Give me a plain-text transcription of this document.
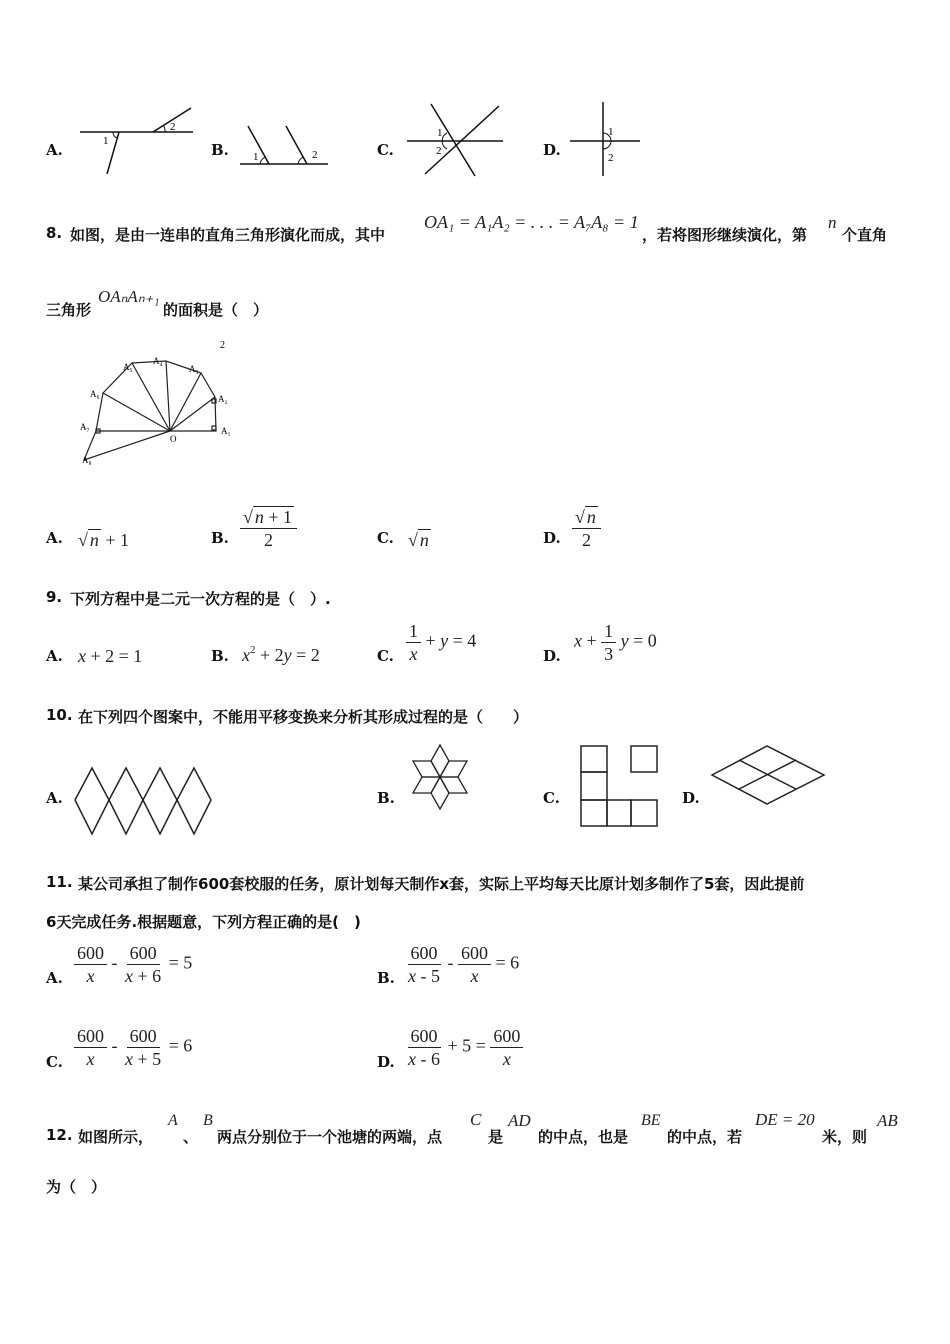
A.	1
2
B. 1	2	C.
1
2	D.
1
2
8. 如图，是由一连串的直角三角形演化而成，其中
OA₁ = A₁A₂ = . . . = A₇A₈ = 1
，若将图形继续演化，第
n
个直角
三角形
OAₙAₙ₊₁
的面积是（　）
A₁
A₂
A₃
A₄
A₅
A₆
A₇
A₈
O
2
A. √ n + 1	B. $\frac{√ n + 1}{2}$	C. √ n	D. $\frac{√ n}{2}$
9. 下列方程中是二元一次方程的是（　）.
A. x + 2 = 1	B. $x^2 + 2y = 2$	C. $\frac{1}{x} + y = 4$
D.
$x + \frac{1}{3}$ y = 0
10. 在下列四个图案中，不能用平移变换来分析其形成过程的是（　　）
A.	B.	C.	D.
11. 某公司承担了制作600套校服的任务，原计划每天制作x套，实际上平均每天比原计划多制作了5套，因此提前
6天完成任务.根据题意，下列方程正确的是(　)
A. $\frac{600}{x} - \frac{600}{x + 6} = 5$
B. $\frac{600}{x - 5} - \frac{600}{x} = 6$
C. $\frac{600}{x} - \frac{600}{x + 5} = 6$
D. $\frac{600}{x - 6} + 5 = \frac{600}{x}$
12. 如图所示，
A
、
B
两点分别位于一个池塘的两端，点
C
是
AD
的中点，也是
BE
的中点，若
DE = 20
米，则
AB
为（　）
